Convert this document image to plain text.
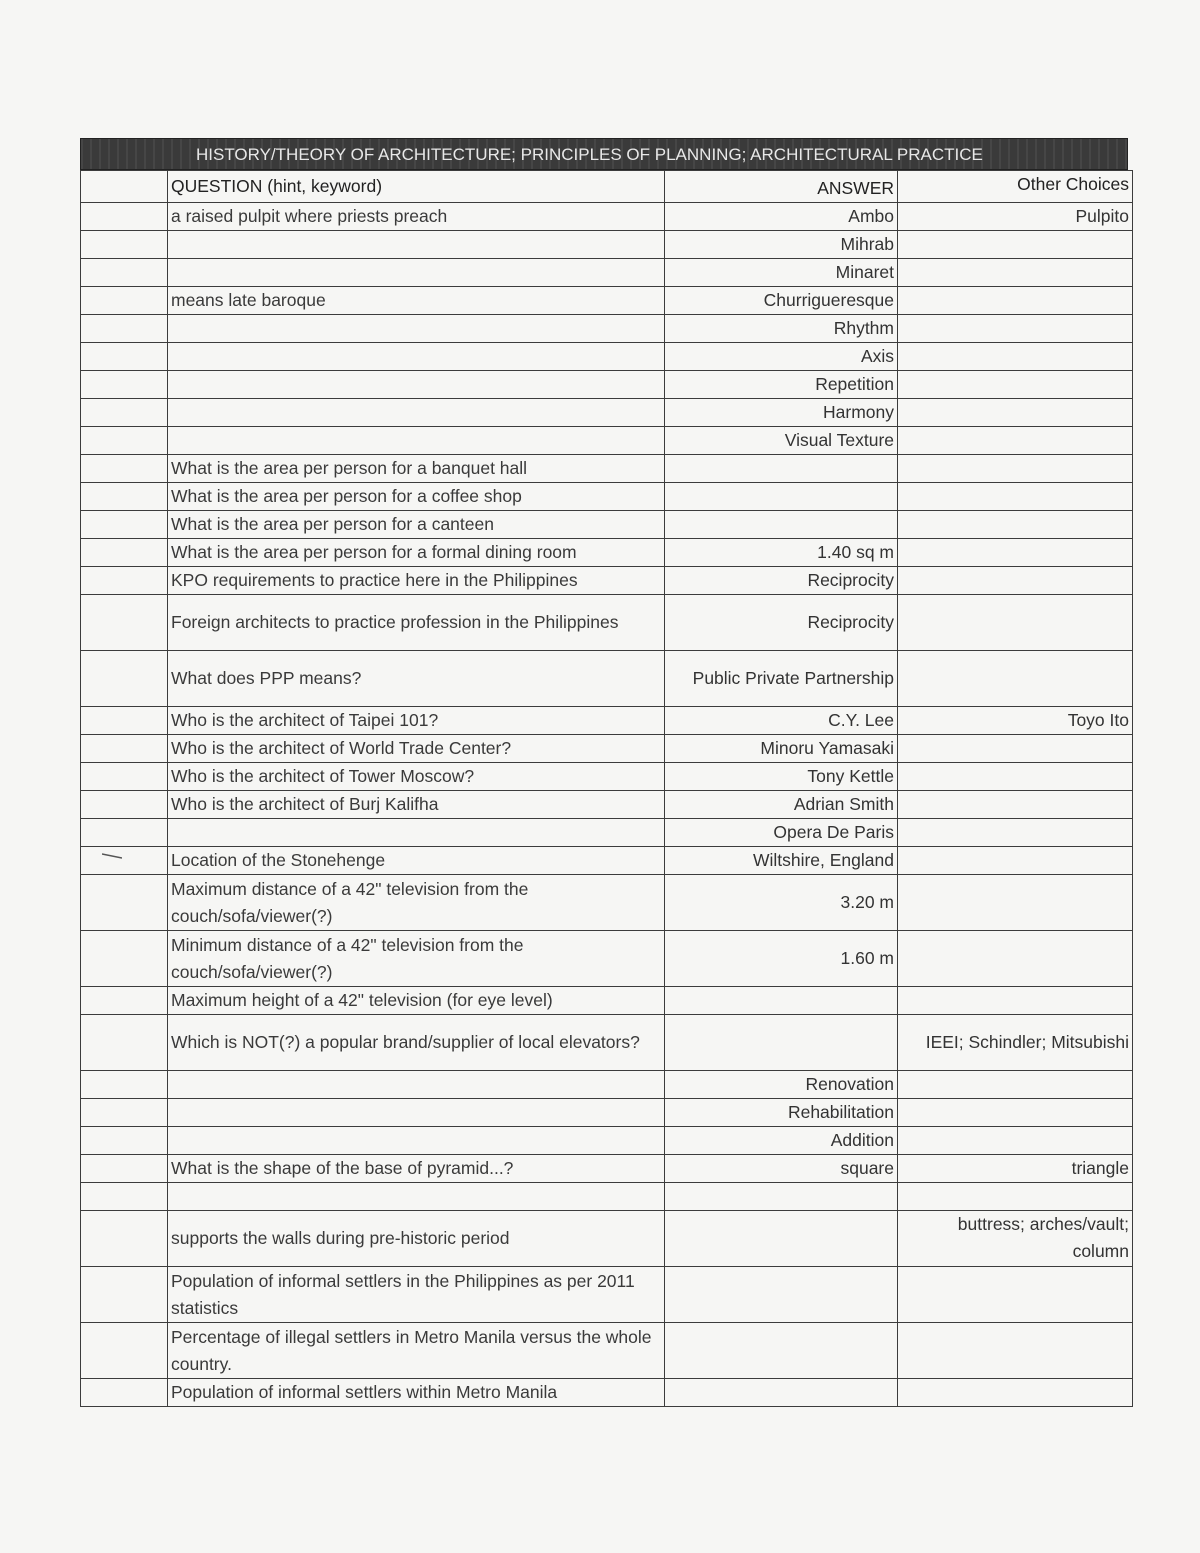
HISTORY/THEORY OF ARCHITECTURE; PRINCIPLES OF PLANNING; ARCHITECTURAL PRACTICE
	QUESTION (hint, keyword)	ANSWER	Other Choices
	a raised pulpit where priests preach	Ambo	Pulpito
		Mihrab	
		Minaret	
	means late baroque	Churrigueresque	
		Rhythm	
		Axis	
		Repetition	
		Harmony	
		Visual Texture	
	What is the area per person for a banquet hall		
	What is the area per person for a coffee shop		
	What is the area per person for a canteen		
	What is the area per person for a formal dining room	1.40 sq m	
	KPO requirements to practice here in the Philippines	Reciprocity	
	Foreign architects to practice profession in the Philippines	Reciprocity	
	What does PPP means?	Public Private Partnership	
	Who is the architect of Taipei 101?	C.Y. Lee	Toyo Ito
	Who is the architect of World Trade Center?	Minoru Yamasaki	
	Who is the architect of Tower Moscow?	Tony Kettle	
	Who is the architect of Burj Kalifha	Adrian Smith	
		Opera De Paris	
	Location of the Stonehenge	Wiltshire, England	
	Maximum distance of a 42" television from the couch/sofa/viewer(?)	3.20 m	
	Minimum distance of a 42" television from the couch/sofa/viewer(?)	1.60 m	
	Maximum height of a 42" television (for eye level)		
	Which is NOT(?) a popular brand/supplier of local elevators?		IEEI; Schindler; Mitsubishi
		Renovation	
		Rehabilitation	
		Addition	
	What is the shape of the base of pyramid...?	square	triangle

	supports the walls during pre-historic period		buttress; arches/vault; column
	Population of informal settlers in the Philippines as per 2011 statistics		
	Percentage of illegal settlers in Metro Manila versus the whole country.		
	Population of informal settlers within Metro Manila		
